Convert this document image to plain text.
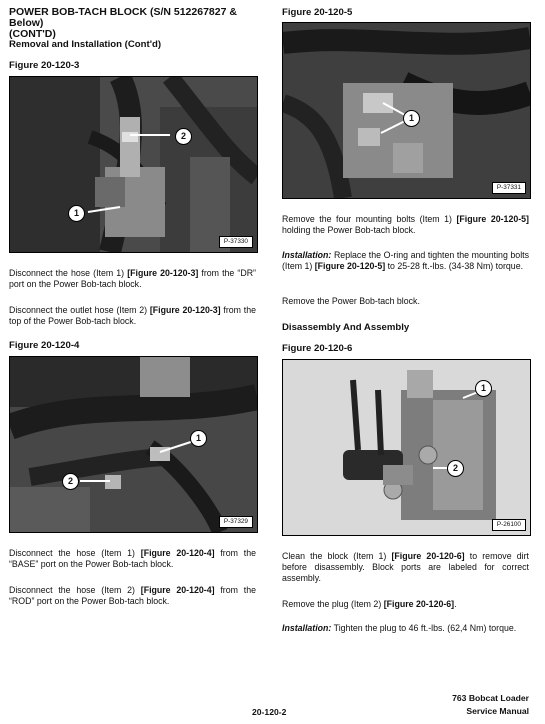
POWER BOB-TACH BLOCK (S/N 512267827 & Below)
(CONT'D)
Removal and Installation (Cont'd)
Figure 20-120-3
2
1
P-37330
Disconnect the hose (Item 1) [Figure 20-120-3] from the “DR” port on the Power Bob-tach block.
Disconnect the outlet hose (Item 2) [Figure 20-120-3] from the top of the Power Bob-tach block.
Figure 20-120-4
1
2
P-37329
Disconnect the hose (Item 1) [Figure 20-120-4] from the “BASE” port on the Power Bob-tach block.
Disconnect the hose (Item 2) [Figure 20-120-4] from the “ROD” port on the Power Bob-tach block.
Figure 20-120-5
1
P-37331
Remove the four mounting bolts (Item 1) [Figure 20-120-5] holding the Power Bob-tach block.
Installation: Replace the O-ring and tighten the mounting bolts (Item 1) [Figure 20-120-5] to 25-28 ft.-lbs. (34-38 Nm) torque.
Remove the Power Bob-tach block.
Disassembly And Assembly
Figure 20-120-6
1
2
P-26100
Clean the block (Item 1) [Figure 20-120-6] to remove dirt before disassembly. Block ports are labeled for correct assembly.
Remove the plug (Item 2) [Figure 20-120-6].
Installation: Tighten the plug to 46 ft.-lbs. (62,4 Nm) torque.
20-120-2
763 Bobcat Loader
Service Manual
